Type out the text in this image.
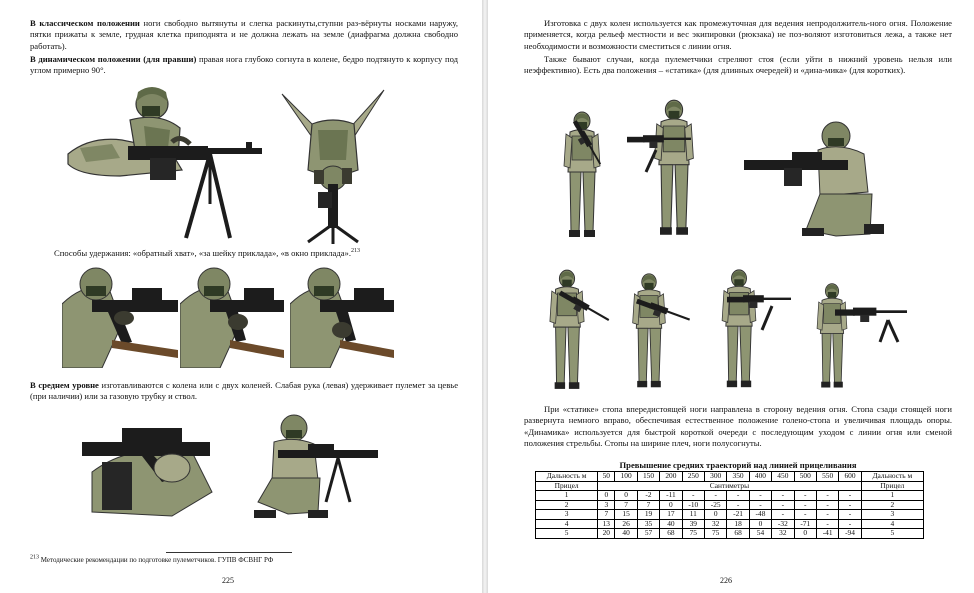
В классическом положении ноги свободно вытянуты и слегка раскинуты,ступни раз-вёрнуты носками наружу, пятки прижаты к земле, грудная клетка приподнята и не должна лежать на земле (диафрагма должна свободно работать).

В динамическом положении (для правши) правая нога глубоко согнута в колене, бедро подтянуто к корпусу под углом примерно 90°.

Способы удержания: «обратный хват», «за шейку приклада», «в окно приклада».$^{213}$

В среднем уровне изготавливаются с колена или с двух коленей. Слабая рука (левая) удерживает пулемет за цевье (при наличии) или за газовую трубку и ствол.

$^{213}$ Методические рекомендации по подготовке пулеметчиков. ГУПВ ФСВНГ РФ
225

Изготовка с двух колен используется как промежуточная для ведения непродолжитель-ного огня. Положение применяется, когда рельеф местности и вес экипировки (рюкзака) не поз-воляют изготовиться лежа, а также нет необходимости и возможности сместиться с линии огня.

Также бывают случаи, когда пулеметчики стреляют стоя (если уйти в нижний уровень нельзя или неэффективно). Есть два положения – «статика» (для длинных очередей) и «дина-мика» (для коротких).

При «статике» стопа впередистоящей ноги направлена в сторону ведения огня. Стопа сзади стоящей ноги развернута немного вправо, обеспечивая естественное положение голено-стопа и увеличивая площадь опоры. «Динамика» используется для быстрой короткой очереди с последующим уходом с линии огня или сменой положения стрельбы. Стопы на ширине плеч, ноги полусогнуты.

Превышение средних траекторий над линией прицеливания
Дальность м	50	100	150	200	250	300	350	400	450	500	550	600	Дальность м
Прицел	Сантиметры												Прицел
1	0	0	-2	-11	-	-	-	-	-	-	-	-	1
2	3	7	7	0	-10	-25	-	-	-	-	-	-	2
3	7	15	19	17	11	0	-21	-48	-	-	-	-	3
4	13	26	35	40	39	32	18	0	-32	-71	-	-	4
5	20	40	57	68	75	75	68	54	32	0	-41	-94	5
226
